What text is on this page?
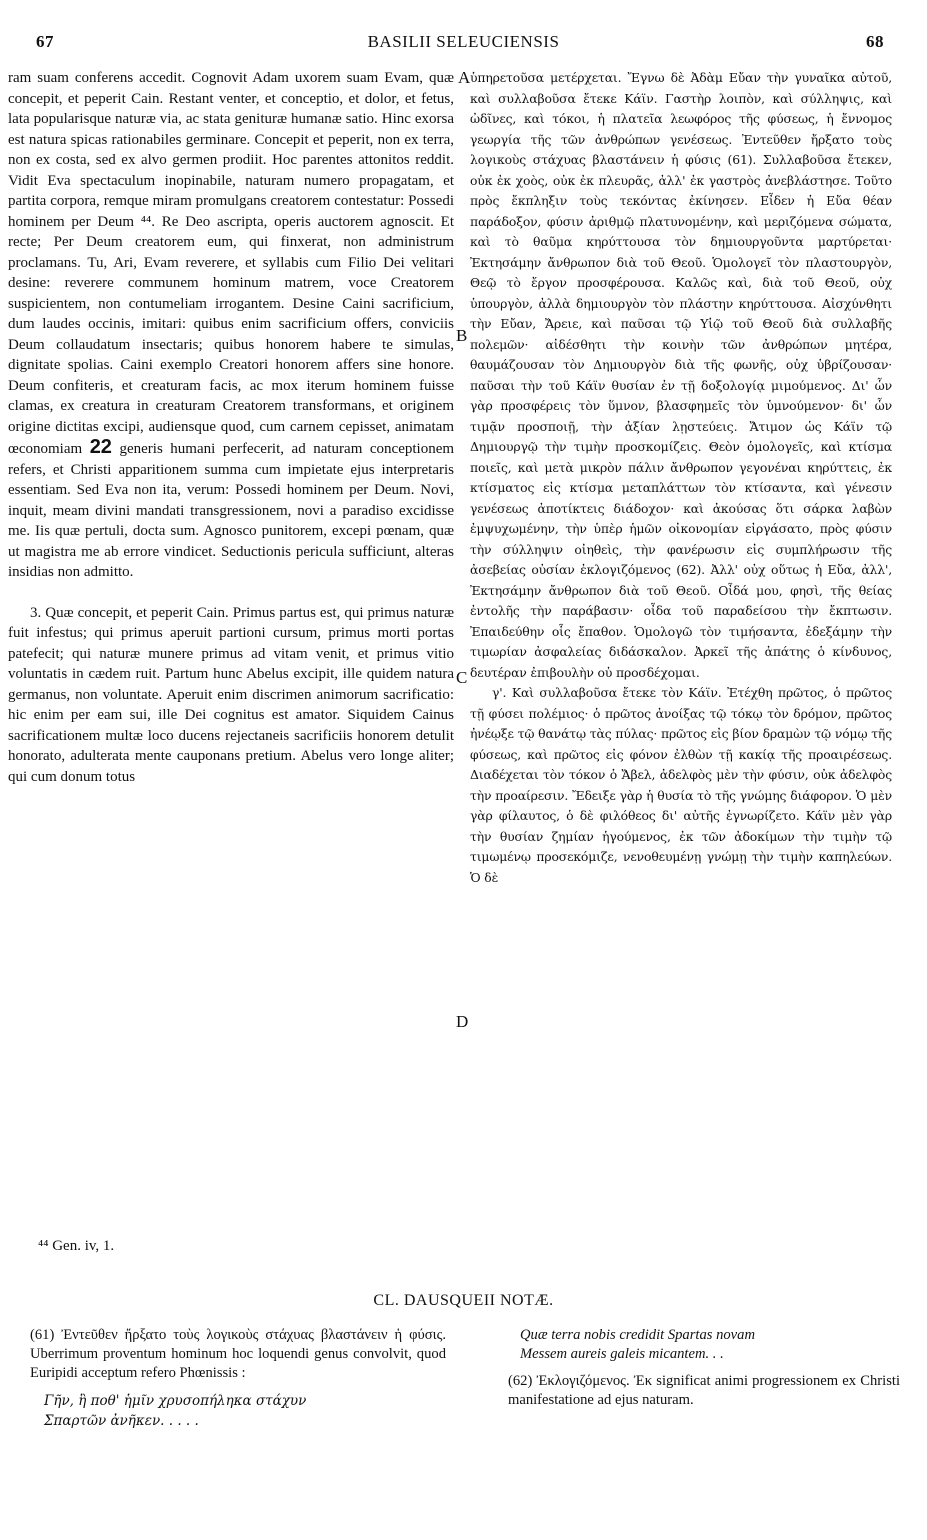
67	BASILII SELEUCIENSIS	68
A
B
C
D

ram suam conferens accedit. Cognovit Adam uxorem suam Evam, quæ concepit, et peperit Cain. Restant venter, et conceptio, et dolor, et fetus, lata popularisque naturæ via, ac stata genituræ humanæ satio. Hinc exorsa est natura spicas rationabiles germinare. Concepit et peperit, non ex terra, non ex costa, sed ex alvo germen prodiit. Hoc parentes attonitos reddit. Vidit Eva spectaculum inopinabile, naturam numero propagatam, et partita corpora, remque miram promulgans creatorem contestatur: Possedi hominem per Deum ⁴⁴. Re Deo ascripta, operis auctorem agnoscit. Et recte; Per Deum creatorem eum, qui finxerat, non administrum proclamans. Tu, Ari, Evam reverere, et syllabis cum Filio Dei velitari desine: reverere communem hominum matrem, voce Creatorem suspicientem, non contumeliam irrogantem. Desine Caini sacrificium, dum laudes occinis, imitari: quibus enim sacrificium offers, conviciis Deum collaudatum insectaris; quibus honorem habere te simulas, dignitate spolias. Caini exemplo Creatori honorem affers sine honore. Deum confiteris, et creaturam facis, ac mox iterum hominem fuisse clamas, ex creatura in creaturam Creatorem transformans, et originem origine dictitas excipi, audiensque quod, cum carnem cepisset, animatam œconomiam 22 generis humani perfecerit, ad naturam conceptionem refers, et Christi apparitionem summa cum impietate ejus interpretaris essentiam. Sed Eva non ita, verum: Possedi hominem per Deum. Novi, inquit, meam divini mandati transgressionem, novi a paradiso excidisse me. Iis quæ pertuli, docta sum. Agnosco punitorem, excepi pœnam, quæ ut magistra me ab errore vindicet. Seductionis pericula sufficiunt, alteras insidias non admitto.

3. Quæ concepit, et peperit Cain. Primus partus est, qui primus naturæ fuit infestus; qui primus aperuit partioni cursum, primus morti portas patefecit; qui naturæ munere primus ad vitam venit, et primus vitio voluntatis in cædem ruit. Partum hunc Abelus excipit, ille quidem natura germanus, non voluntate. Aperuit enim discrimen animorum sacrificatio: hic enim per eam sui, ille Dei cognitus est amator. Siquidem Cainus sacrificationem multæ loco ducens rejectaneis sacrificiis honorem detulit honorato, adulterata mente cauponans pretium. Abelus vero longe aliter; qui cum donum totus

ὑπηρετοῦσα μετέρχεται. Ἔγνω δὲ Ἀδὰμ Εὔαν τὴν γυναῖκα αὐτοῦ, καὶ συλλαβοῦσα ἔτεκε Κάϊν. Γαστὴρ λοιπὸν, καὶ σύλληψις, καὶ ὠδῖνες, καὶ τόκοι, ἡ πλατεῖα λεωφόρος τῆς φύσεως, ἡ ἔννομος γεωργία τῆς τῶν ἀνθρώπων γενέσεως. Ἐντεῦθεν ἤρξατο τοὺς λογικοὺς στάχυας βλαστάνειν ἡ φύσις (61). Συλλαβοῦσα ἔτεκεν, οὐκ ἐκ χοὸς, οὐκ ἐκ πλευρᾶς, ἀλλ' ἐκ γαστρὸς ἀνεβλάστησε. Τοῦτο πρὸς ἔκπληξιν τοὺς τεκόντας ἐκίνησεν. Εἶδεν ἡ Εὔα θέαν παράδοξον, φύσιν ἀριθμῷ πλατυνομένην, καὶ μεριζόμενα σώματα, καὶ τὸ θαῦμα κηρύττουσα τὸν δημιουργοῦντα μαρτύρεται· Ἐκτησάμην ἄνθρωπον διὰ τοῦ Θεοῦ. Ὁμολογεῖ τὸν πλαστουργὸν, Θεῷ τὸ ἔργον προσφέρουσα. Καλῶς καὶ, διὰ τοῦ Θεοῦ, οὐχ ὑπουργὸν, ἀλλὰ δημιουργὸν τὸν πλάστην κηρύττουσα. Αἰσχύνθητι τὴν Εὔαν, Ἄρειε, καὶ παῦσαι τῷ Υἱῷ τοῦ Θεοῦ διὰ συλλαβῆς πολεμῶν· αἰδέσθητι τὴν κοινὴν τῶν ἀνθρώπων μητέρα, θαυμάζουσαν τὸν Δημιουργὸν διὰ τῆς φωνῆς, οὐχ ὑβρίζουσαν· παῦσαι τὴν τοῦ Κάϊν θυσίαν ἐν τῇ δοξολογίᾳ μιμούμενος. Δι' ὧν γὰρ προσφέρεις τὸν ὕμνον, βλασφημεῖς τὸν ὑμνούμενον· δι' ὧν τιμᾷν προσποιῇ, τὴν ἀξίαν λῃστεύεις. Ἄτιμον ὡς Κάϊν τῷ Δημιουργῷ τὴν τιμὴν προσκομίζεις. Θεὸν ὁμολογεῖς, καὶ κτίσμα ποιεῖς, καὶ μετὰ μικρὸν πάλιν ἄνθρωπον γεγονέναι κηρύττεις, ἐκ κτίσματος εἰς κτίσμα μεταπλάττων τὸν κτίσαντα, καὶ γένεσιν γενέσεως ἀποτίκτεις διάδοχον· καὶ ἀκούσας ὅτι σάρκα λαβὼν ἐμψυχωμένην, τὴν ὑπὲρ ἡμῶν οἰκονομίαν εἰργάσατο, πρὸς φύσιν τὴν σύλληψιν οἰηθεὶς, τὴν φανέρωσιν εἰς συμπλήρωσιν τῆς ἀσεβείας οὐσίαν ἐκλογιζόμενος (62). Ἀλλ' οὐχ οὕτως ἡ Εὔα, ἀλλ', Ἐκτησάμην ἄνθρωπον διὰ τοῦ Θεοῦ. Οἶδά μου, φησὶ, τῆς θείας ἐντολῆς τὴν παράβασιν· οἶδα τοῦ παραδείσου τὴν ἔκπτωσιν. Ἐπαιδεύθην οἷς ἔπαθον. Ὁμολογῶ τὸν τιμήσαντα, ἐδεξάμην τὴν τιμωρίαν ἀσφαλείας διδάσκαλον. Ἀρκεῖ τῆς ἀπάτης ὁ κίνδυνος, δευτέραν ἐπιβουλὴν οὐ προσδέχομαι.

γ'. Καὶ συλλαβοῦσα ἔτεκε τὸν Κάϊν. Ἐτέχθη πρῶτος, ὁ πρῶτος τῇ φύσει πολέμιος· ὁ πρῶτος ἀνοίξας τῷ τόκῳ τὸν δρόμον, πρῶτος ἠνέῳξε τῷ θανάτῳ τὰς πύλας· πρῶτος εἰς βίον δραμὼν τῷ νόμῳ τῆς φύσεως, καὶ πρῶτος εἰς φόνον ἐλθὼν τῇ κακίᾳ τῆς προαιρέσεως. Διαδέχεται τὸν τόκον ὁ Ἄβελ, ἀδελφὸς μὲν τὴν φύσιν, οὐκ ἀδελφὸς τὴν προαίρεσιν. Ἔδειξε γὰρ ἡ θυσία τὸ τῆς γνώμης διάφορον. Ὁ μὲν γὰρ φίλαυτος, ὁ δὲ φιλόθεος δι' αὐτῆς ἐγνωρίζετο. Κάϊν μὲν γὰρ τὴν θυσίαν ζημίαν ἡγούμενος, ἐκ τῶν ἀδοκίμων τὴν τιμὴν τῷ τιμωμένῳ προσεκόμιζε, νενοθευμένῃ γνώμῃ τὴν τιμὴν καπηλεύων. Ὁ δὲ

⁴⁴ Gen. iv, 1.
CL. DAUSQUEII NOTÆ.

(61) Ἐντεῦθεν ἤρξατο τοὺς λογικοὺς στάχυας βλαστάνειν ἡ φύσις. Uberrimum proventum hominum hoc loquendi genus convolvit, quod Euripidi acceptum refero Phœnissis :

Γῆν, ἣ ποθ' ἡμῖν χρυσοπήληκα στάχυν
Σπαρτῶν ἀνῆκεν. . . . .
Quæ terra nobis credidit Spartas novam
Messem aureis galeis micantem. . .

(62) Ἐκλογιζόμενος. Ἐκ significat animi progressionem ex Christi manifestatione ad ejus naturam.
